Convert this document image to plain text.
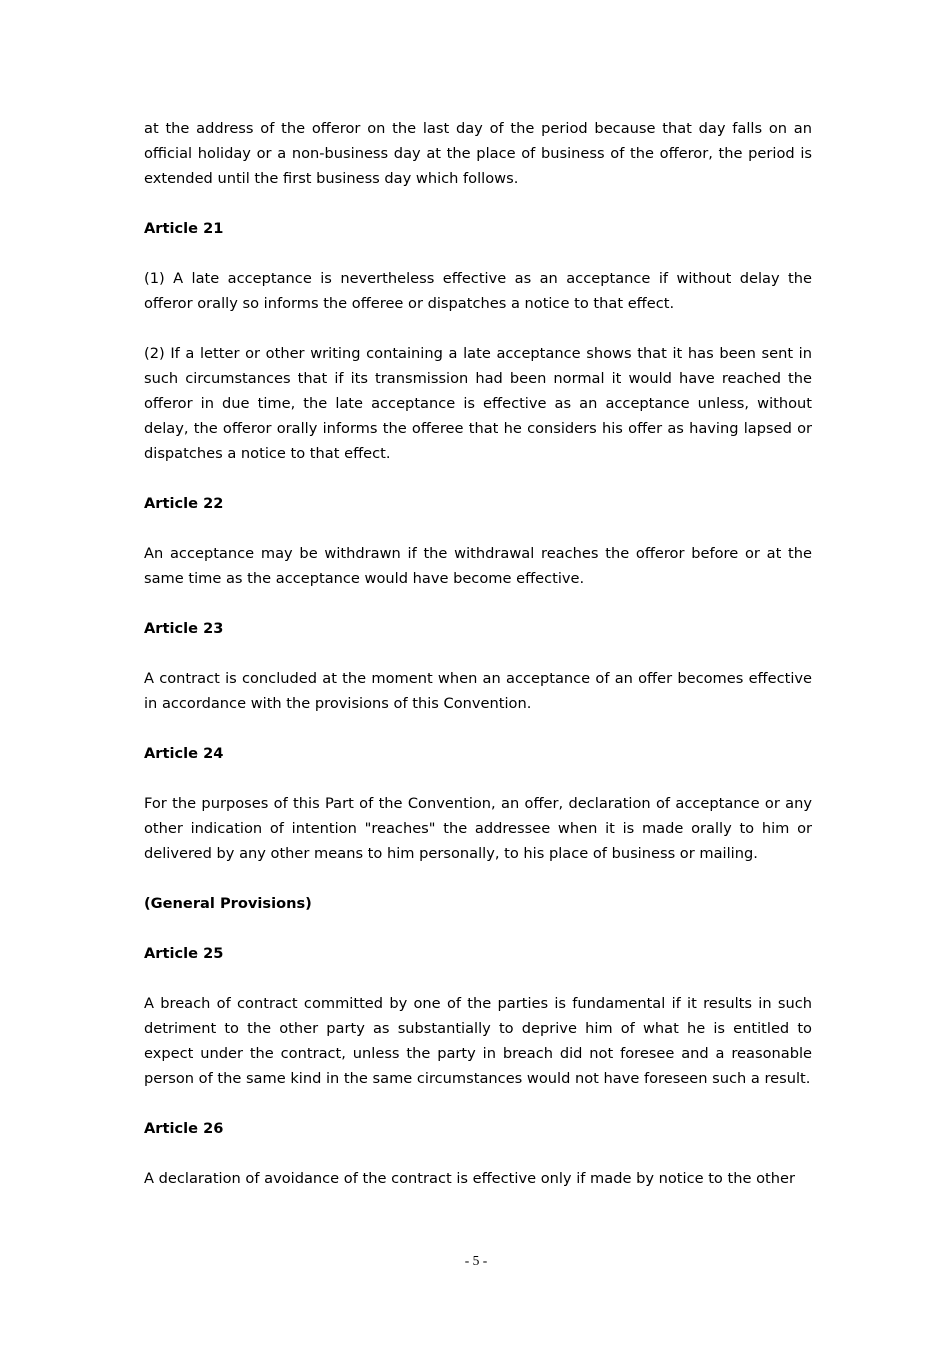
at the address of the offeror on the last day of the period because that day falls on an official holiday or a non-business day at the place of business of the offeror, the period is extended until the first business day which follows.

Article 21

(1) A late acceptance is nevertheless effective as an acceptance if without delay the offeror orally so informs the offeree or dispatches a notice to that effect.

(2) If a letter or other writing containing a late acceptance shows that it has been sent in such circumstances that if its transmission had been normal it would have reached the offeror in due time, the late acceptance is effective as an acceptance unless, without delay, the offeror orally informs the offeree that he considers his offer as having lapsed or dispatches a notice to that effect.

Article 22

An acceptance may be withdrawn if the withdrawal reaches the offeror before or at the same time as the acceptance would have become effective.

Article 23

A contract is concluded at the moment when an acceptance of an offer becomes effective in accordance with the provisions of this Convention.

Article 24

For the purposes of this Part of the Convention, an offer, declaration of acceptance or any other indication of intention "reaches" the addressee when it is made orally to him or delivered by any other means to him personally, to his place of business or mailing.

(General Provisions)

Article 25

A breach of contract committed by one of the parties is fundamental if it results in such detriment to the other party as substantially to deprive him of what he is entitled to expect under the contract, unless the party in breach did not foresee and a reasonable person of the same kind in the same circumstances would not have foreseen such a result.

Article 26

A declaration of avoidance of the contract is effective only if made by notice to the other

- 5 -
